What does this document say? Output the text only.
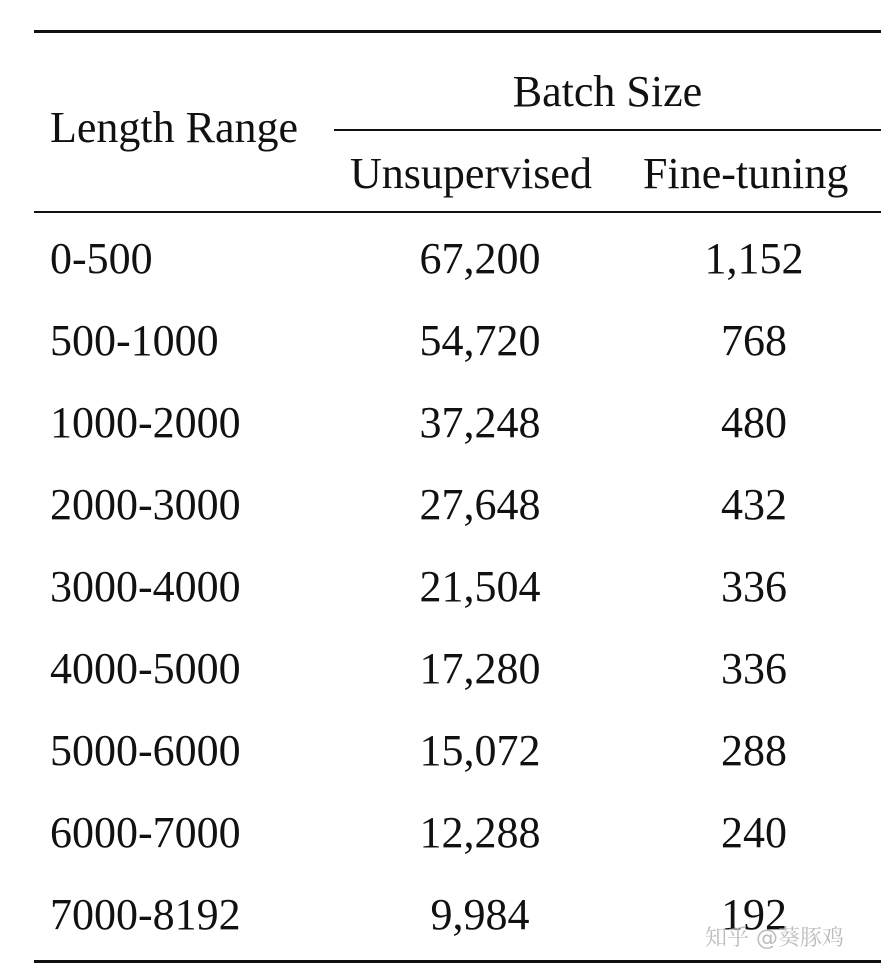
Length Range
Batch Size
Unsupervised Fine-tuning
0-500	67,200	1,152
500-1000	54,720	768
1000-2000	37,248	480
2000-3000	27,648	432
3000-4000	21,504	336
4000-5000	17,280	336
5000-6000	15,072	288
6000-7000	12,288	240
7000-8192	9,984	192
知乎 @葵豚鸡
